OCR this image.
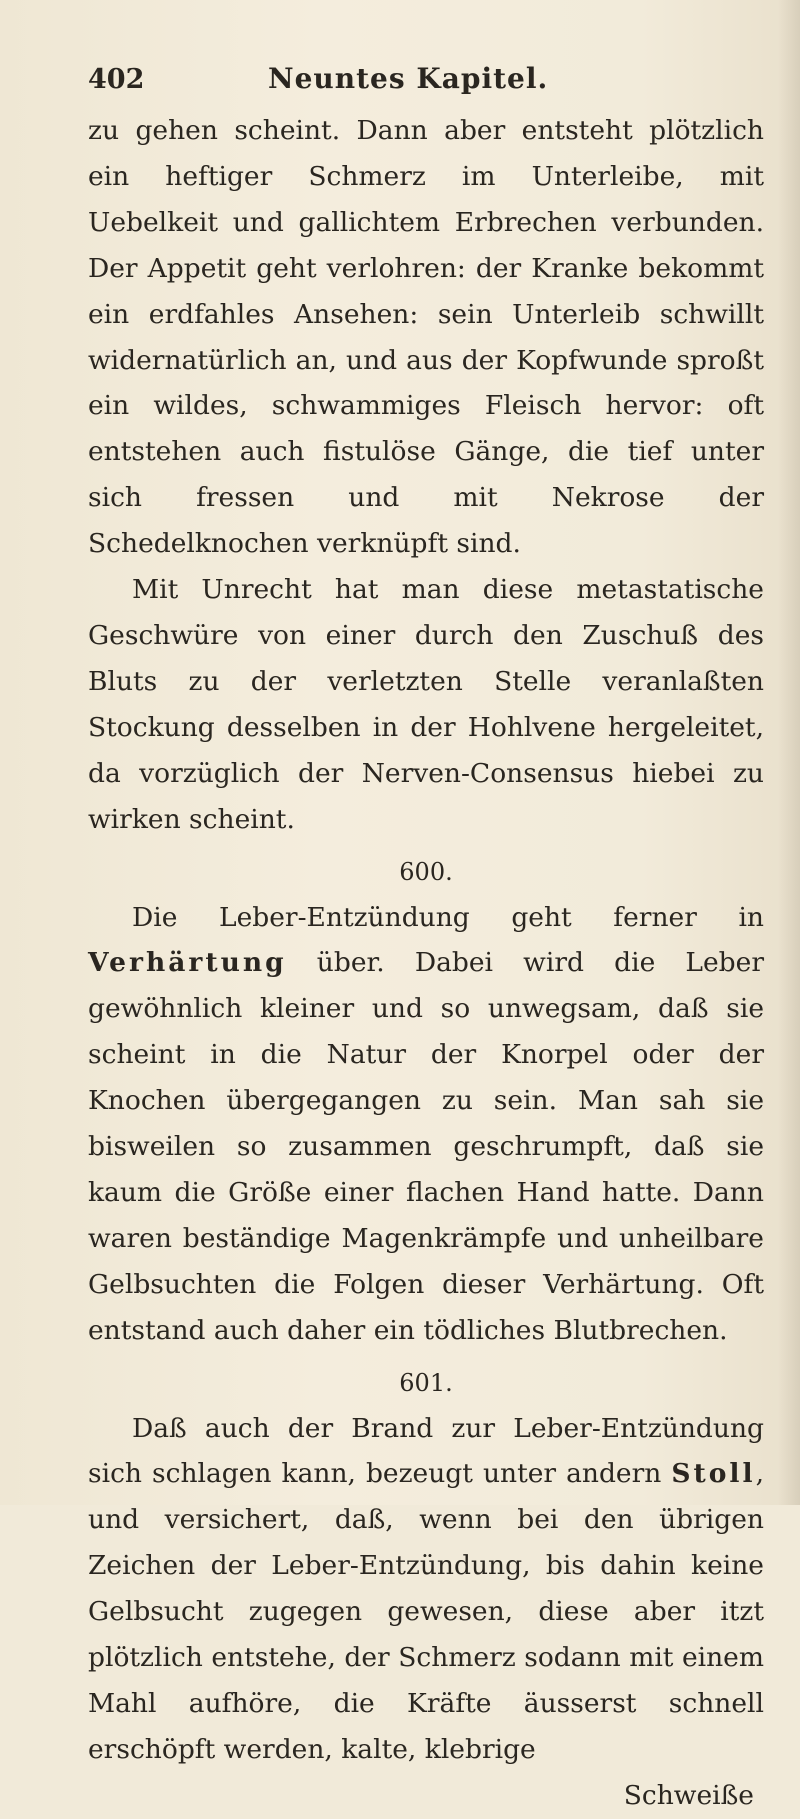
402	Neuntes Kapitel.

zu gehen scheint. Dann aber entsteht plötzlich ein heftiger Schmerz im Unterleibe, mit Uebelkeit und gallichtem Erbrechen verbunden. Der Appetit geht verlohren: der Kranke bekommt ein erdfahles Ansehen: sein Unterleib schwillt widernatürlich an, und aus der Kopfwunde sproßt ein wildes, schwammiges Fleisch hervor: oft entstehen auch fistulöse Gänge, die tief unter sich fressen und mit Nekrose der Schedelknochen verknüpft sind.

Mit Unrecht hat man diese metastatische Geschwüre von einer durch den Zuschuß des Bluts zu der verletzten Stelle veranlaßten Stockung desselben in der Hohlvene hergeleitet, da vorzüglich der Nerven-Consensus hiebei zu wirken scheint.

600.

Die Leber-Entzündung geht ferner in Verhärtung über. Dabei wird die Leber gewöhnlich kleiner und so unwegsam, daß sie scheint in die Natur der Knorpel oder der Knochen übergegangen zu sein. Man sah sie bisweilen so zusammen geschrumpft, daß sie kaum die Größe einer flachen Hand hatte. Dann waren beständige Magenkrämpfe und unheilbare Gelbsuchten die Folgen dieser Verhärtung. Oft entstand auch daher ein tödliches Blutbrechen.

601.

Daß auch der Brand zur Leber-Entzündung sich schlagen kann, bezeugt unter andern Stoll, und versichert, daß, wenn bei den übrigen Zeichen der Leber-Entzündung, bis dahin keine Gelbsucht zugegen gewesen, diese aber itzt plötzlich entstehe, der Schmerz sodann mit einem Mahl aufhöre, die Kräfte äusserst schnell erschöpft werden, kalte, klebrige

Schweiße
